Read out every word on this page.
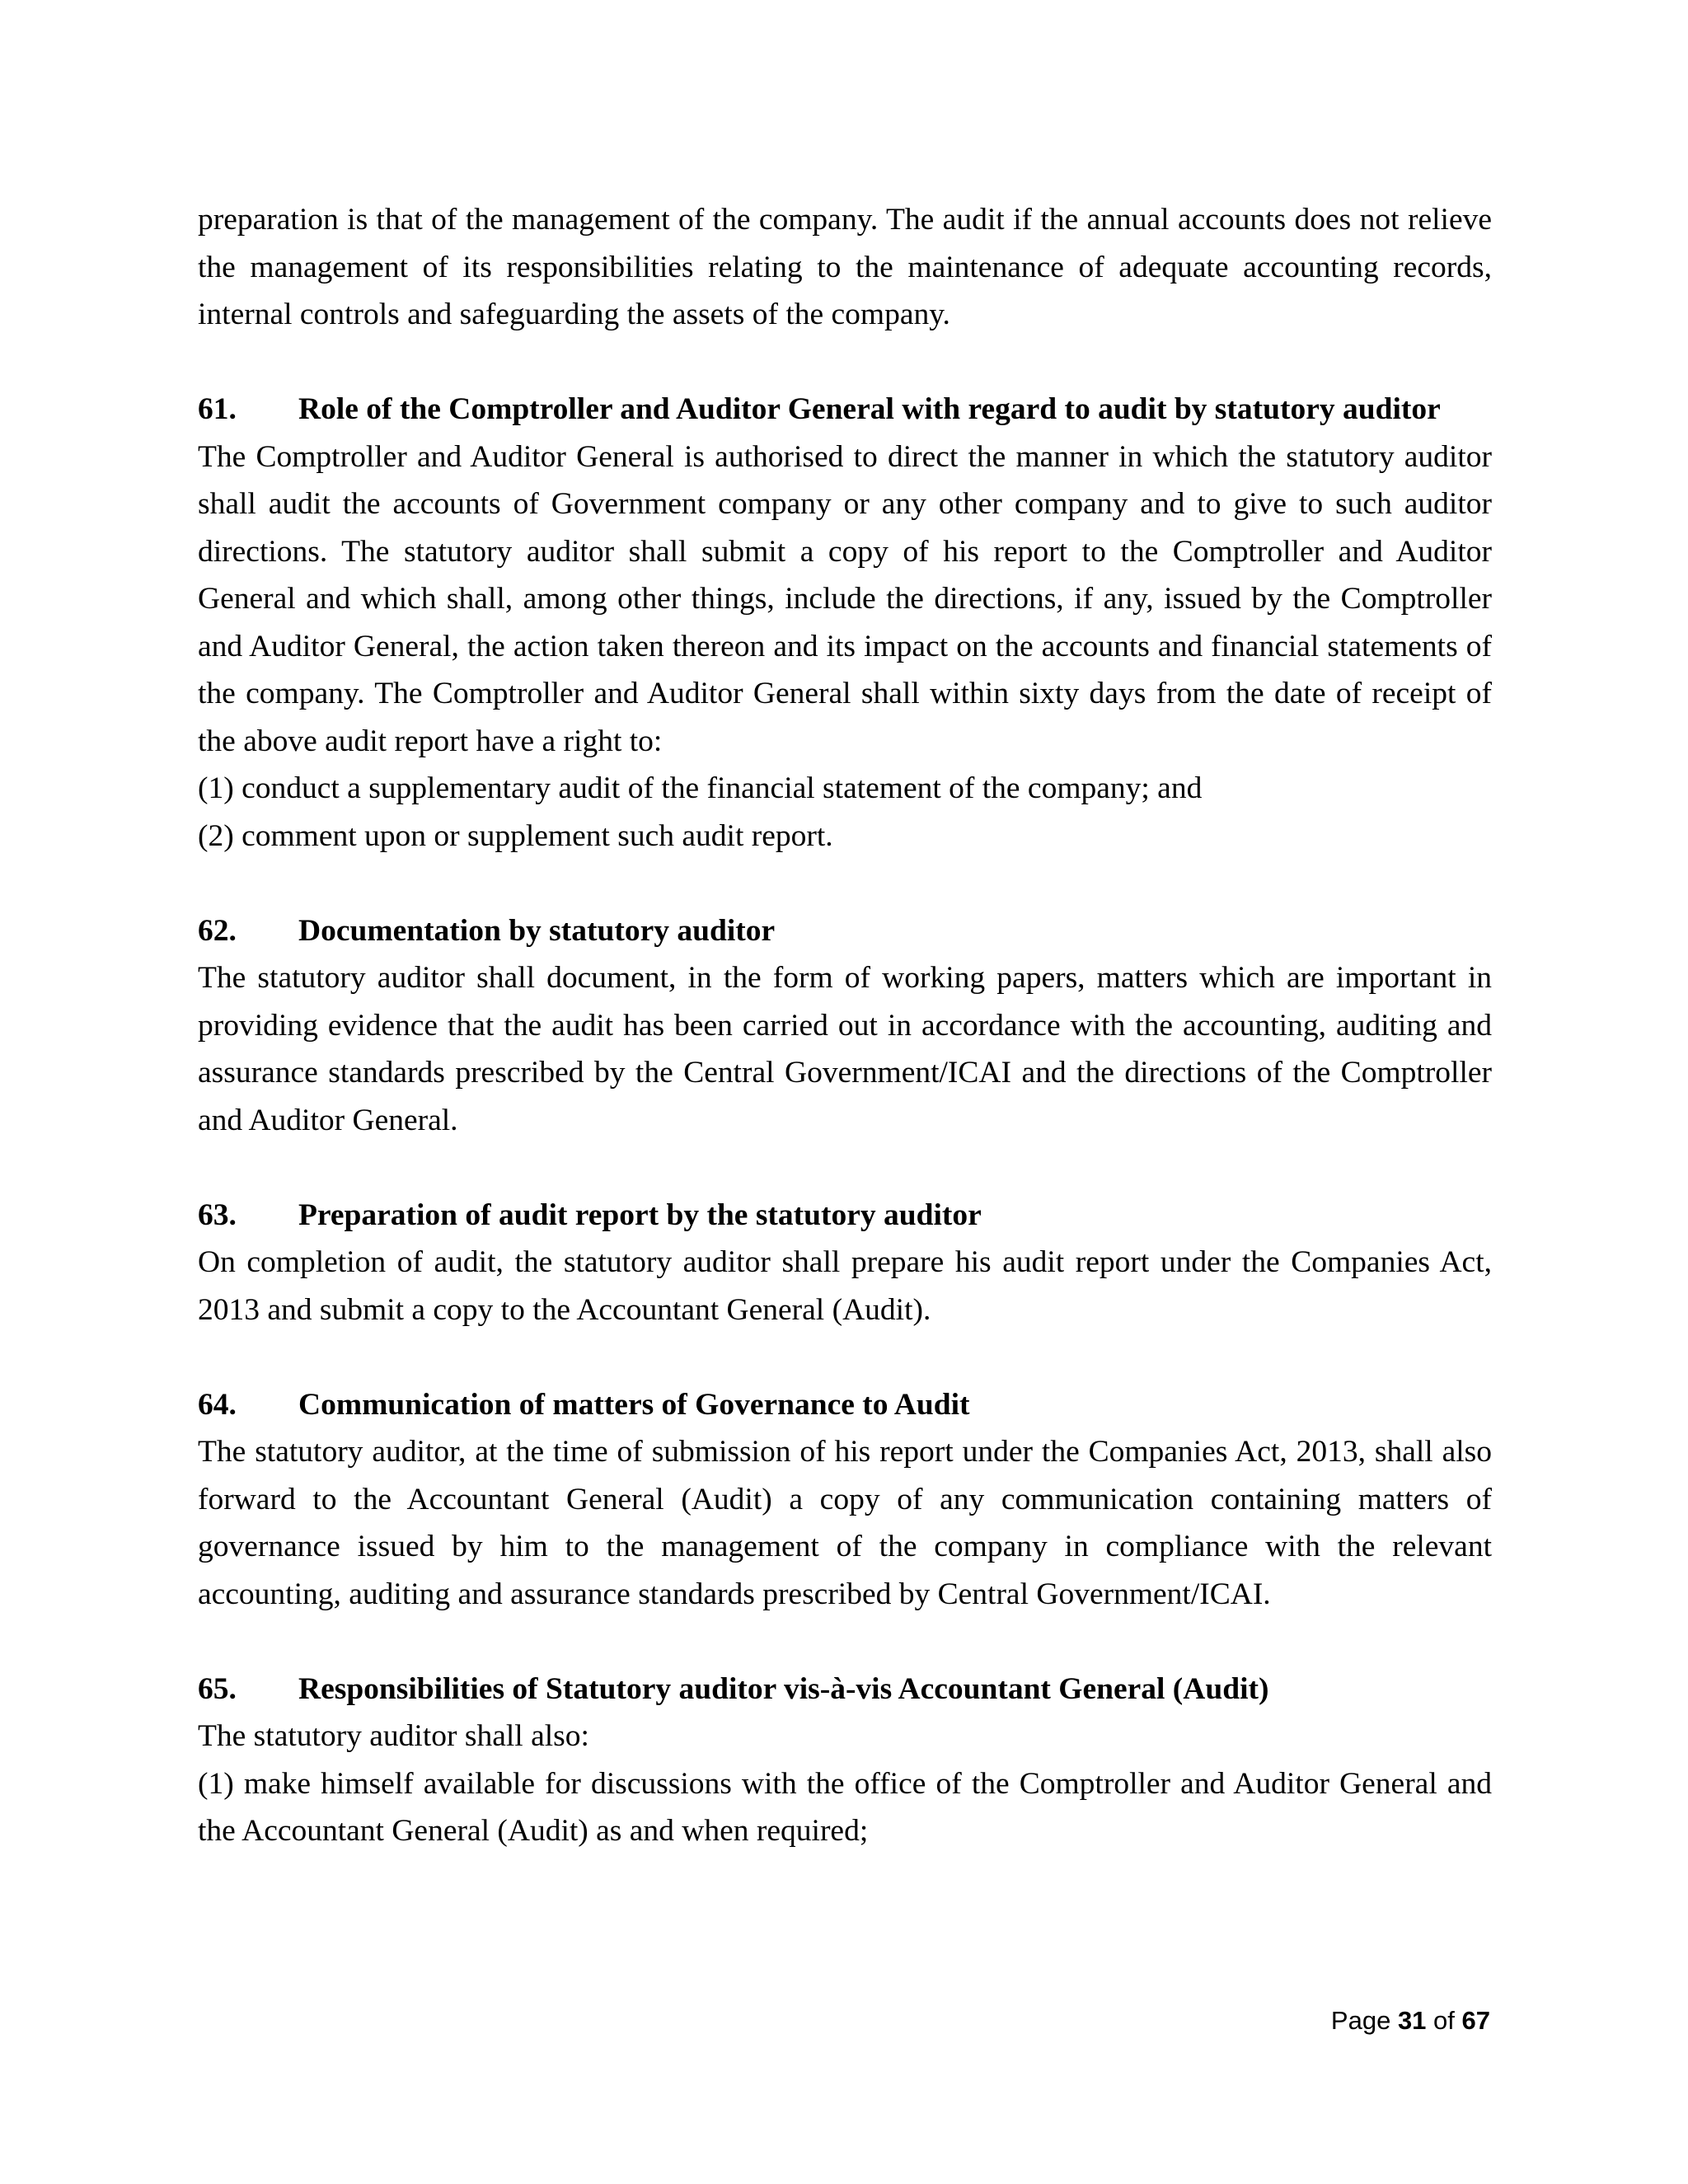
preparation is that of the management of the company. The audit if the annual accounts does not relieve the management of its responsibilities relating to the maintenance of adequate accounting records, internal controls and safeguarding the assets of the company.

61. Role of the Comptroller and Auditor General with regard to audit by statutory auditor

The Comptroller and Auditor General is authorised to direct the manner in which the statutory auditor shall audit the accounts of Government company or any other company and to give to such auditor directions. The statutory auditor shall submit a copy of his report to the Comptroller and Auditor General and which shall, among other things, include the directions, if any, issued by the Comptroller and Auditor General, the action taken thereon and its impact on the accounts and financial statements of the company. The Comptroller and Auditor General shall within sixty days from the date of receipt of the above audit report have a right to:

(1) conduct a supplementary audit of the financial statement of the company; and

(2) comment upon or supplement such audit report.

62. Documentation by statutory auditor

The statutory auditor shall document, in the form of working papers, matters which are important in providing evidence that the audit has been carried out in accordance with the accounting, auditing and assurance standards prescribed by the Central Government/ICAI and the directions of the Comptroller and Auditor General.

63. Preparation of audit report by the statutory auditor

On completion of audit, the statutory auditor shall prepare his audit report under the Companies Act, 2013 and submit a copy to the Accountant General (Audit).

64. Communication of matters of Governance to Audit

The statutory auditor, at the time of submission of his report under the Companies Act, 2013, shall also forward to the Accountant General (Audit) a copy of any communication containing matters of governance issued by him to the management of the company in compliance with the relevant accounting, auditing and assurance standards prescribed by Central Government/ICAI.

65. Responsibilities of Statutory auditor vis-à-vis Accountant General (Audit)

The statutory auditor shall also:

(1) make himself available for discussions with the office of the Comptroller and Auditor General and the Accountant General (Audit) as and when required;

Page 31 of 67
